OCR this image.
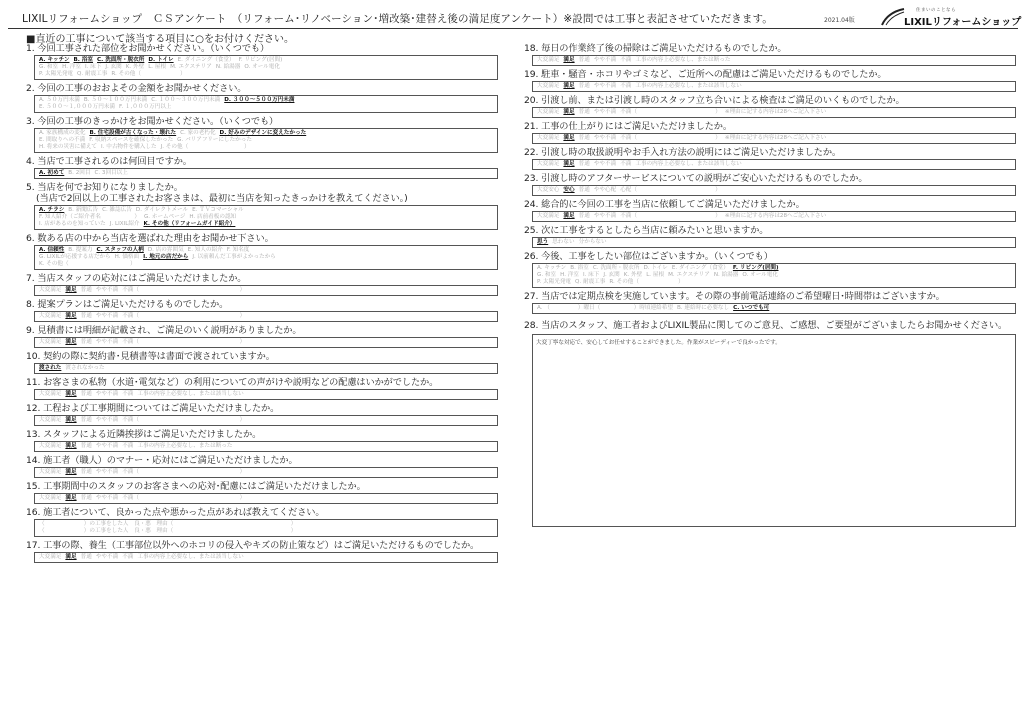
LIXILリフォームショップ　ＣＳアンケート　（リフォーム･リノベーション･増改築･建替え後の満足度アンケート）※設問では工事と表記させていただきます。	2021.04版
住まいのことなら
LIXILリフォームショップ
■直近の工事について該当する項目に○をお付けください。
1. 今回工事された部位をお聞かせください。（いくつでも）
A. キッチン B. 浴室 C. 洗面所・脱衣所 D. トイレ E. ダイニング（食堂） F. リビング(居間)
G. 和室 H. 洋室 I. 床下 J. 玄関 K. 外壁 L. 屋根 M. エクステリア N. 給湯器 O. オール電化
P. 太陽光発電 Q. 耐震工事 R. その他（　　　　　　　）
2. 今回の工事のおおよその金額をお聞かせください。
A. ５０万円未満 B. ５０～１００万円未満 C. １００～３００万円未満 D. ３００～５００万円未満
E. ５００～１,０００万円未満 F. １,０００万円以上
3. 今回の工事のきっかけをお聞かせください。（いくつでも）
A. 家族構成の変化 B. 住宅設備が古くなった・壊れた C. 家の老朽化 D. 好みのデザインに変えたかった
E. 間取りへの不満 F. 収納スペースを確保したかった G. バリアフリーにしたかった
H. 将来の災害に備えて I. 中古物件を購入した J. その他（　　　　　　　　　　）
4. 当店で工事されるのは何回目ですか。
A. 初めて B. 2回目 C. 3回目以上
5. 当店を何でお知りになりましたか。
(当店で2回以上の工事されたお客さまは、最初に当店を知ったきっかけを教えてください。)
A. チラシ B. 新聞広告 C. 雑誌広告 D. ダイレクトメール E. ＴＶコマーシャル
F. 知人紹介（ご紹介者名　　　　　　） G. ホームページ H. 店前看板の認知
I. 店があるのを知っていた J. LIXIL紹介 K. その他（リフォームガイド紹介）
6. 数ある店の中から当店を選ばれた理由をお聞かせ下さい。
A. 信頼性 B. 提案力 C. スタッフの人柄 D. 店の雰囲気 E. 知人の紹介 F. 知名度
G. LIXILが応援する店だから H. 価格面 I. 地元の店だから J. 以前頼んだ工事がよかったから
K. その他（　　　　　　　　　　　）
7. 当店スタッフの応対にはご満足いただけましたか。
大変満足 満足 普通 やや不満 不満（　　　　　　　　　　　　　　　　　　）
8. 提案プランはご満足いただけるものでしたか。
大変満足 満足 普通 やや不満 不満（　　　　　　　　　　　　　　　　　　）
9. 見積書には明細が記載され、ご満足のいく説明がありましたか。
大変満足 満足 普通 やや不満 不満（　　　　　　　　　　　　　　　　　　）
10. 契約の際に契約書･見積書等は書面で渡されていますか。
渡された 渡されなかった
11. お客さまの私物（水道･電気など）の利用についての声がけや説明などの配慮はいかがでしたか。
大変満足 満足 普通 やや不満 不満 工事の内容上必要なし、または該当しない
12. 工程および工事期間についてはご満足いただけましたか。
大変満足 満足 普通 やや不満 不満（　　　　　　　　　　　　　　　　　　）
13. スタッフによる近隣挨拶はご満足いただけましたか。
大変満足 満足 普通 やや不満 不満 工事の内容上必要なし、または断った
14. 施工者（職人）のマナー・応対にはご満足いただけましたか。
大変満足 満足 普通 やや不満 不満（　　　　　　　　　　　　　　　　　　）
15. 工事期間中のスタッフのお客さまへの応対･配慮にはご満足いただけましたか。
大変満足 満足 普通 やや不満 不満（　　　　　　　　　　　　　　　　　　）
16. 施工者について、良かった点や悪かった点があれば教えてください。
（　　　　　　　）の工事をした人　良・悪　理由（　　　　　　　　　　　　　　　　　　　　　）
（　　　　　　　）の工事をした人　良・悪　理由（　　　　　　　　　　　　　　　　　　　　　）
17. 工事の際、養生（工事部位以外へのホコリの侵入やキズの防止策など）はご満足いただけるものでしたか。
大変満足 満足 普通 やや不満 不満 工事の内容上必要なし、または該当しない
18. 毎日の作業終了後の掃除はご満足いただけるものでしたか。
大変満足 満足 普通 やや不満 不満 工事の内容上必要なし、または断った
19. 駐車・騒音・ホコリやゴミなど、ご近所への配慮はご満足いただけるものでしたか。
大変満足 満足 普通 やや不満 不満 工事の内容上必要なし、または該当しない
20. 引渡し前、または引渡し時のスタッフ立ち合いによる検査はご満足のいくものでしたか。
大変満足 満足 普通 やや不満 不満（　　　　　　　　　　　　　　） ※理由に記する内容は28へご記入下さい
21. 工事の仕上がりにはご満足いただけましたか。
大変満足 満足 普通 やや不満 不満（　　　　　　　　　　　　　　） ※理由に記する内容は28へご記入下さい
22. 引渡し時の取扱説明やお手入れ方法の説明にはご満足いただけましたか。
大変満足 満足 普通 やや不満 不満 工事の内容上必要なし、または該当しない
23. 引渡し時のアフターサービスについての説明がご安心いただけるものでしたか。
大変安心 安心 普通 やや心配 心配（　　　　　　　　　　　　　　）
24. 総合的に今回の工事を当店に依頼してご満足いただけましたか。
大変満足 満足 普通 やや不満 不満（　　　　　　　　　　　　　　） ※理由に記する内容は28へご記入下さい
25. 次に工事をするとしたら当店に頼みたいと思いますか。
思う 思わない 分からない
26. 今後、工事をしたい部位はございますか。（いくつでも）
A. キッチン B. 浴室 C. 洗面所・脱衣所 D. トイレ E. ダイニング（食堂） F. リビング(居間)
G. 和室 H. 洋室 I. 床下 J. 玄関 K. 外壁 L. 屋根 M. エクステリア N. 給湯器 O. オール電化
P. 太陽光発電 Q. 耐震工事 R. その他（　　　　　　　）
27. 当店では定期点検を実施しています。その際の事前電話連絡のご希望曜日･時間帯はございますか。
A. （　　　　　）曜日（　　　　　　）時頃連絡希望 B. 連絡時に必要なし C. いつでも可
28. 当店のスタッフ、施工者およびLIXIL製品に関してのご意見、ご感想、ご要望がございましたらお聞かせください。
大変丁寧な対応で、安心してお任せすることができました。作業がスピーディーで良かったです。
